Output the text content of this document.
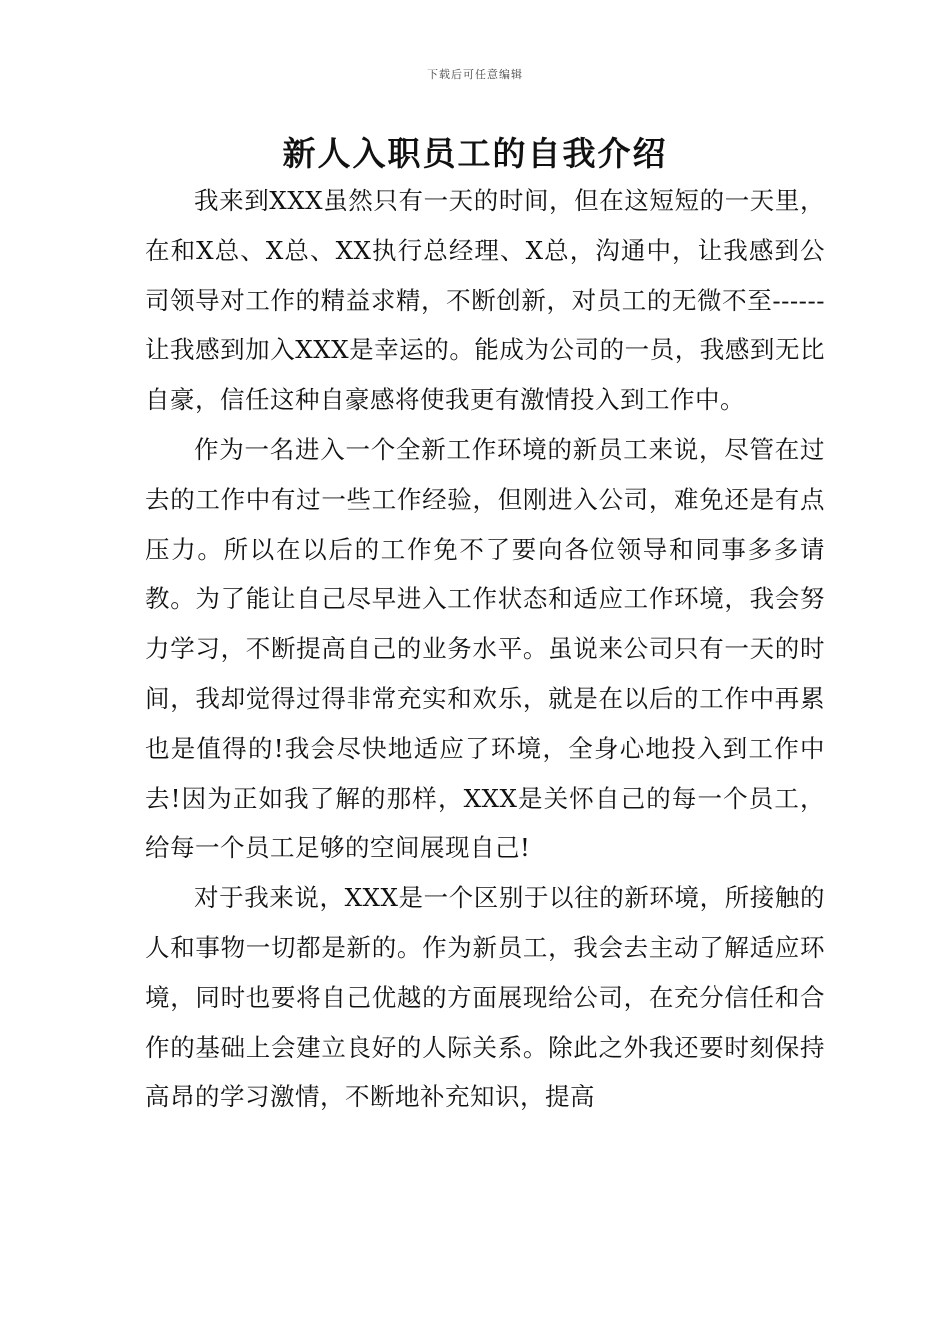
下载后可任意编辑
新人入职员工的自我介绍

我来到XXX虽然只有一天的时间，但在这短短的一天里，在和X总、X总、XX执行总经理、X总，沟通中，让我感到公司领导对工作的精益求精，不断创新，对员工的无微不至------让我感到加入XXX是幸运的。能成为公司的一员，我感到无比自豪，信任这种自豪感将使我更有激情投入到工作中。

作为一名进入一个全新工作环境的新员工来说，尽管在过去的工作中有过一些工作经验，但刚进入公司，难免还是有点压力。所以在以后的工作免不了要向各位领导和同事多多请教。为了能让自己尽早进入工作状态和适应工作环境，我会努力学习，不断提高自己的业务水平。虽说来公司只有一天的时间，我却觉得过得非常充实和欢乐，就是在以后的工作中再累也是值得的!我会尽快地适应了环境，全身心地投入到工作中去!因为正如我了解的那样，XXX是关怀自己的每一个员工，给每一个员工足够的空间展现自己!

对于我来说，XXX是一个区别于以往的新环境，所接触的人和事物一切都是新的。作为新员工，我会去主动了解适应环境，同时也要将自己优越的方面展现给公司，在充分信任和合作的基础上会建立良好的人际关系。除此之外我还要时刻保持高昂的学习激情，不断地补充知识，提高
